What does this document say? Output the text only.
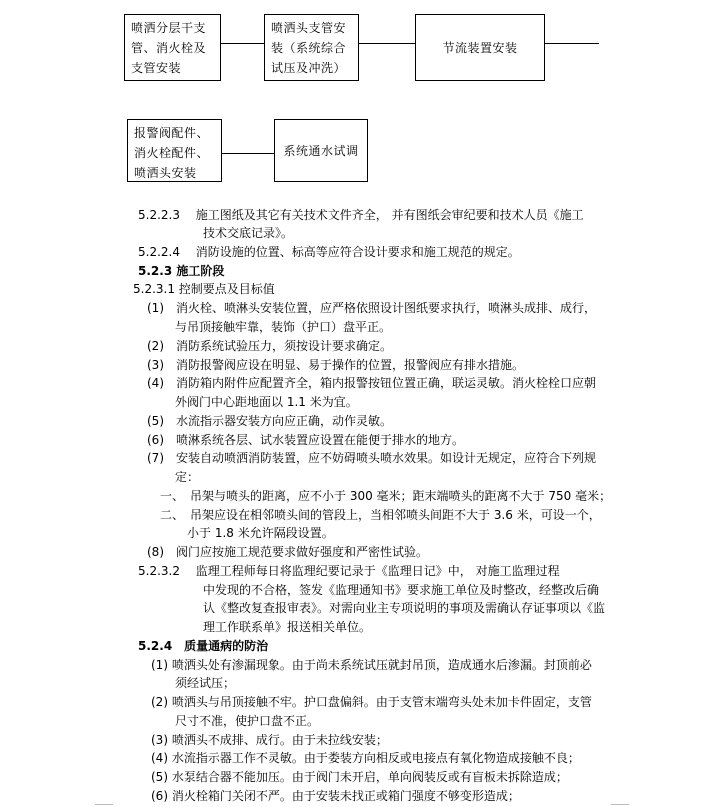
喷洒分层干支管、消火栓及支管安装
喷洒头支管安装（系统综合试压及冲洗）
节流装置安装
报警阀配件、消火栓配件、喷洒头安装
系统通水试调
5.2.2.3　 施工图纸及其它有关技术文件齐全， 并有图纸会审纪要和技术人员《施工
技术交底记录》。
5.2.2.4　 消防设施的位置、标高等应符合设计要求和施工规范的规定。
5.2.3 施工阶段
5.2.3.1 控制要点及目标值
(1)　消火栓、喷淋头安装位置，应严格依照设计图纸要求执行，喷淋头成排、成行，
与吊顶接触牢靠，装饰（护口）盘平正。
(2)　消防系统试验压力，须按设计要求确定。
(3)　消防报警阀应设在明显、易于操作的位置，报警阀应有排水措施。
(4)　消防箱内附件应配置齐全，箱内报警按钮位置正确，联运灵敏。消火栓栓口应朝
外阀门中心距地面以 1.1 米为宜。
(5)　水流指示器安装方向应正确，动作灵敏。
(6)　喷淋系统各层、试水装置应设置在能便于排水的地方。
(7)　安装自动喷洒消防装置，应不妨碍喷头喷水效果。如设计无规定，应符合下列规
定：
一、　吊架与喷头的距离，应不小于 300 毫米；距末端喷头的距离不大于 750 毫米；
二、　吊架应设在相邻喷头间的管段上，当相邻喷头间距不大于 3.6 米，可设一个，
小于 1.8 米允许隔段设置。
(8)　阀门应按施工规范要求做好强度和严密性试验。
5.2.3.2　 监理工程师每日将监理纪要记录于《监理日记》中， 对施工监理过程
中发现的不合格，签发《监理通知书》要求施工单位及时整改，经整改后确
认《整改复查报审表》。对需向业主专项说明的事项及需确认存证事项以《监
理工作联系单》报送相关单位。
5.2.4　质量通病的防治
(1) 喷洒头处有渗漏现象。由于尚未系统试压就封吊顶，造成通水后渗漏。封顶前必
须经试压；
(2) 喷洒头与吊顶接触不牢。护口盘偏斜。由于支管末端弯头处未加卡件固定，支管
尺寸不准，使护口盘不正。
(3) 喷洒头不成排、成行。由于未拉线安装；
(4) 水流指示器工作不灵敏。由于娄装方向相反或电接点有氧化物造成接触不良；
(5) 水泵结合器不能加压。由于阀门未开启，单向阀装反或有盲板未拆除造成；
(6) 消火栓箱门关闭不严。由于安装未找正或箱门强度不够变形造成；
